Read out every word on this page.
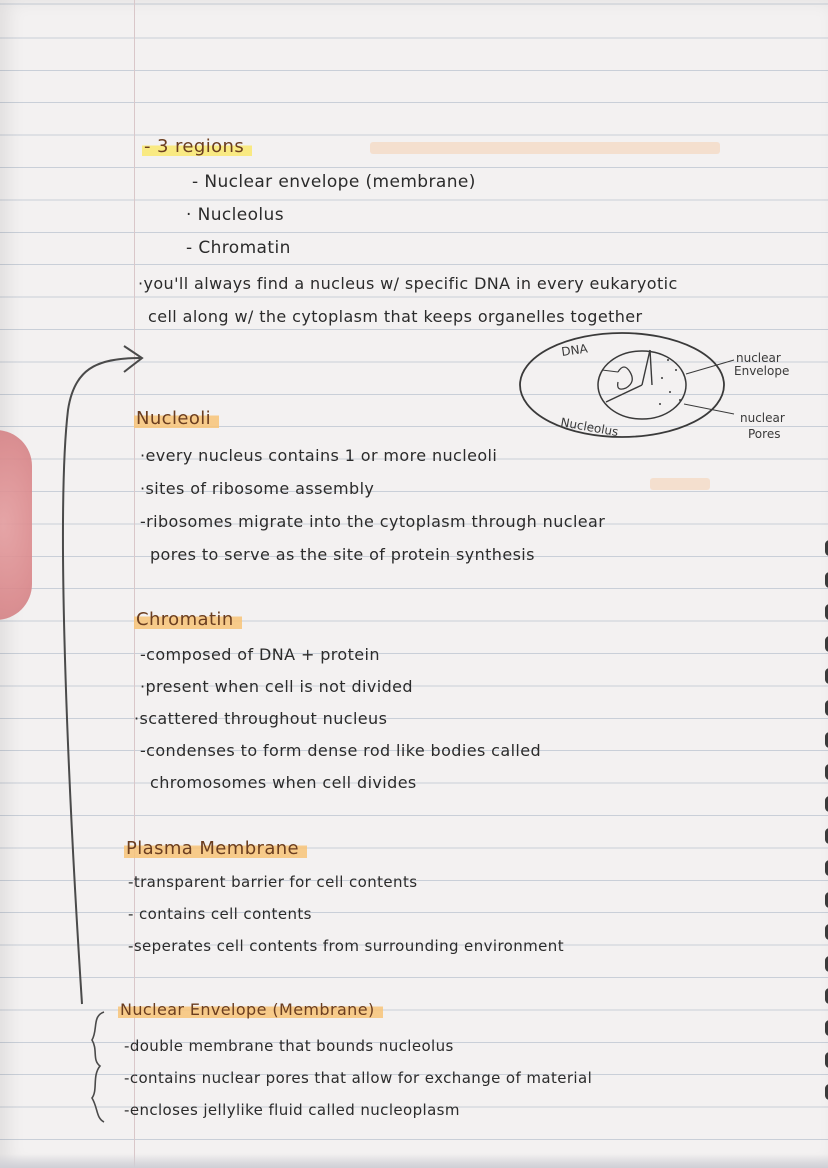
- 3 regions
- Nuclear envelope (membrane)
· Nucleolus
- Chromatin
·you'll always find a nucleus w/ specific DNA in every eukaryotic
cell along w/ the cytoplasm that keeps organelles together
DNA
Nucleolus
nuclear
Envelope
nuclear
Pores
Nucleoli
·every nucleus contains 1 or more nucleoli
·sites of ribosome assembly
-ribosomes migrate into the cytoplasm through nuclear
pores to serve as the site of protein synthesis
Chromatin
-composed of DNA + protein
·present when cell is not divided
·scattered throughout nucleus
-condenses to form dense rod like bodies called
chromosomes when cell divides
Plasma Membrane
-transparent barrier for cell contents
- contains cell contents
-seperates cell contents from surrounding environment
Nuclear Envelope (Membrane)
-double membrane that bounds nucleolus
-contains nuclear pores that allow for exchange of material
-encloses jellylike fluid called nucleoplasm
